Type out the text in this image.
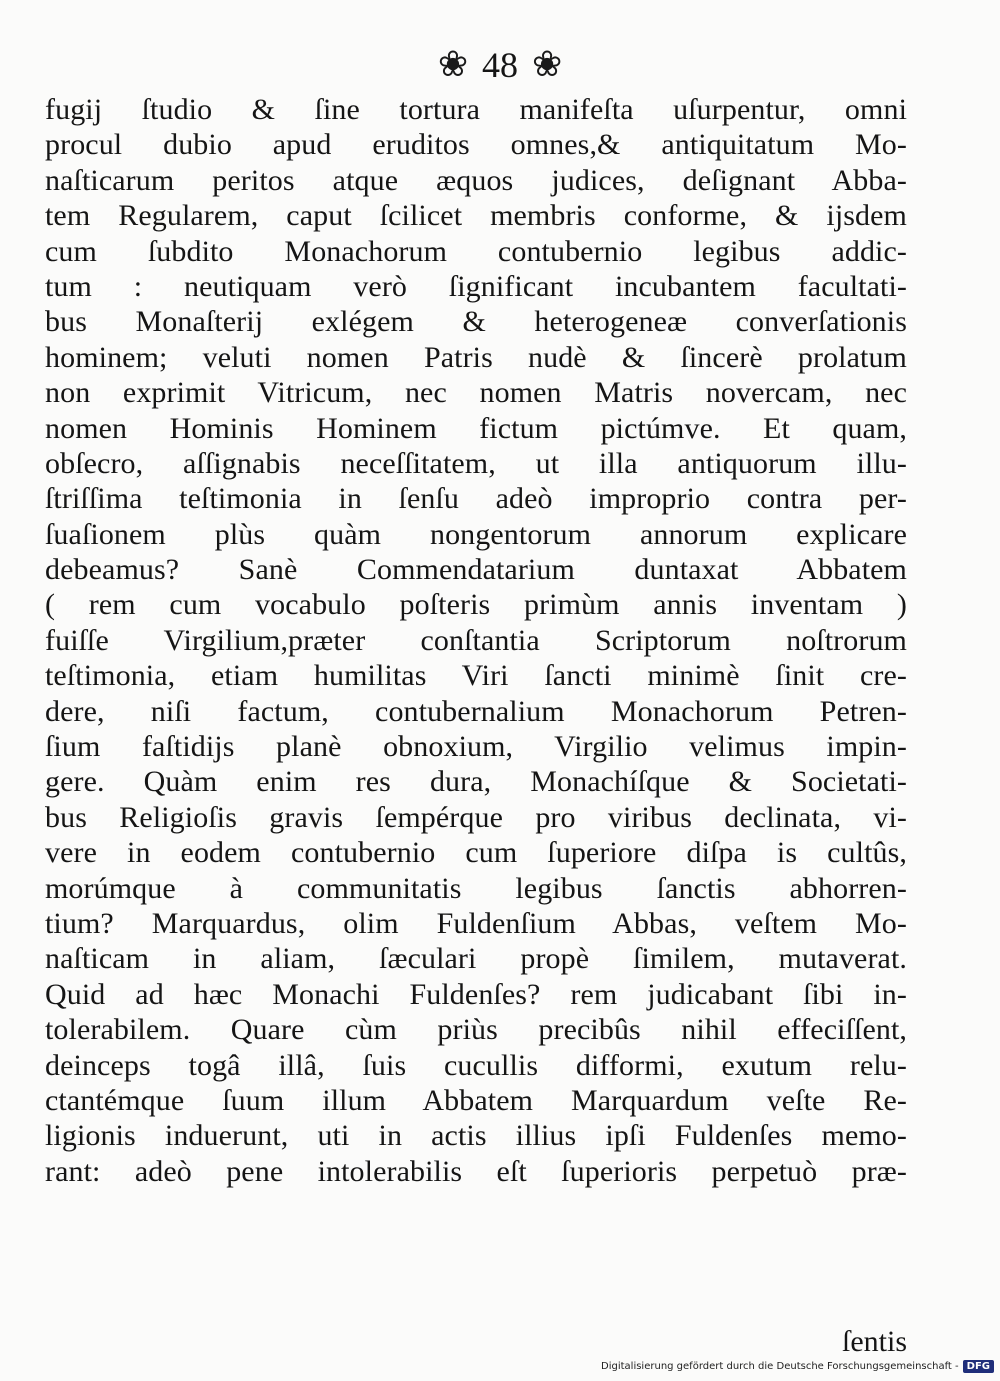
❀ 48 ❀
fugij ſtudio & ſine tortura manifeſta uſurpentur, omni
procul dubio apud eruditos omnes,& antiquitatum Mo-
naſticarum peritos atque æquos judices, deſignant Abba-
tem Regularem, caput ſcilicet membris conforme, & ijsdem
cum ſubdito Monachorum contubernio legibus addic-
tum : neutiquam verò ſignificant incubantem facultati-
bus Monaſterij exlégem & heterogeneæ converſationis
hominem; veluti nomen Patris nudè & ſincerè prolatum
non exprimit Vitricum, nec nomen Matris novercam, nec
nomen Hominis Hominem fictum pictúmve. Et quam,
obſecro, aſſignabis neceſſitatem, ut illa antiquorum illu-
ſtriſſima teſtimonia in ſenſu adeò improprio contra per-
ſuaſionem plùs quàm nongentorum annorum explicare
debeamus? Sanè Commendatarium duntaxat Abbatem
( rem cum vocabulo poſteris primùm annis inventam )
fuiſſe Virgilium,præter conſtantia Scriptorum noſtrorum
teſtimonia, etiam humilitas Viri ſancti minimè ſinit cre-
dere, niſi factum, contubernalium Monachorum Petren-
ſium faſtidijs planè obnoxium, Virgilio velimus impin-
gere. Quàm enim res dura, Monachíſque & Societati-
bus Religioſis gravis ſempérque pro viribus declinata, vi-
vere in eodem contubernio cum ſuperiore diſpa is cultûs,
morúmque à communitatis legibus ſanctis abhorren-
tium? Marquardus, olim Fuldenſium Abbas, veſtem Mo-
naſticam in aliam, ſæculari propè ſimilem, mutaverat.
Quid ad hæc Monachi Fuldenſes? rem judicabant ſibi in-
tolerabilem. Quare cùm priùs precibûs nihil effeciſſent,
deinceps togâ illâ, ſuis cucullis difformi, exutum relu-
ctantémque ſuum illum Abbatem Marquardum veſte Re-
ligionis induerunt, uti in actis illius ipſi Fuldenſes memo-
rant: adeò pene intolerabilis eſt ſuperioris perpetuò præ-
ſentis
Digitalisierung gefördert durch die Deutsche Forschungsgemeinschaft - DFG
